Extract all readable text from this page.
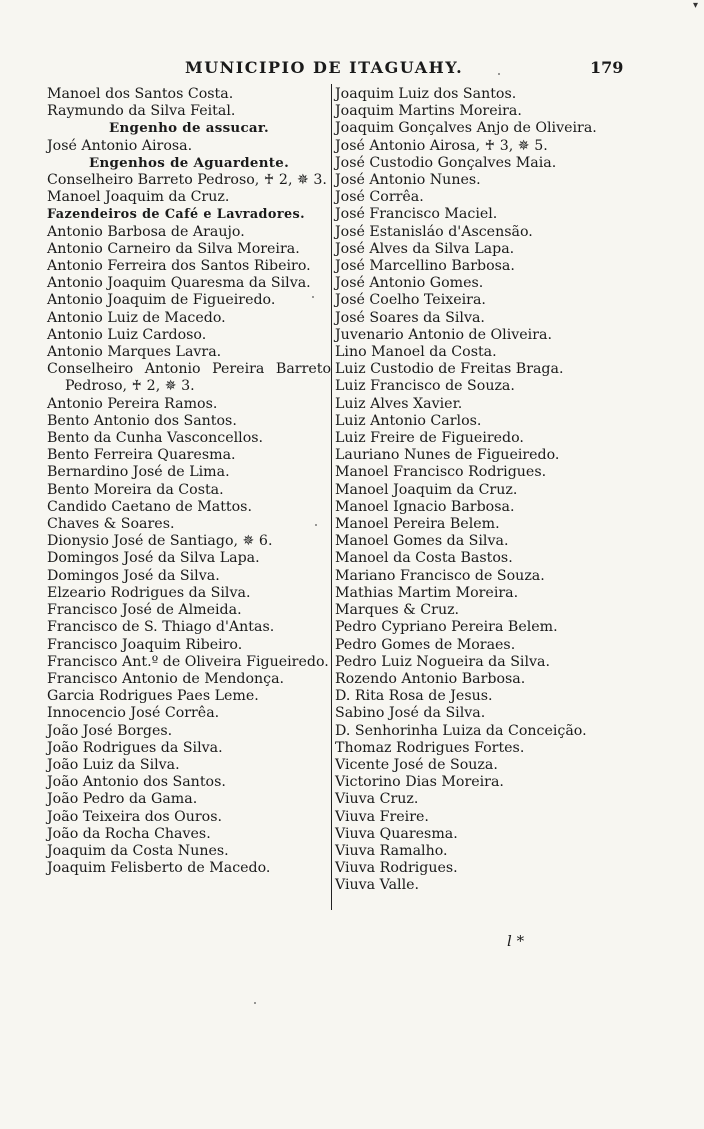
▾
MUNICIPIO DE ITAGUAHY.	179
Manoel dos Santos Costa.
Raymundo da Silva Feital.
Engenho de assucar.
José Antonio Airosa.
Engenhos de Aguardente.
Conselheiro Barreto Pedroso, ♰ 2, ✵ 3.
Manoel Joaquim da Cruz.
Fazendeiros de Café e Lavradores.
Antonio Barbosa de Araujo.
Antonio Carneiro da Silva Moreira.
Antonio Ferreira dos Santos Ribeiro.
Antonio Joaquim Quaresma da Silva.
Antonio Joaquim de Figueiredo.
Antonio Luiz de Macedo.
Antonio Luiz Cardoso.
Antonio Marques Lavra.
Conselheiro Antonio Pereira Barreto
Pedroso, ♰ 2, ✵ 3.
Antonio Pereira Ramos.
Bento Antonio dos Santos.
Bento da Cunha Vasconcellos.
Bento Ferreira Quaresma.
Bernardino José de Lima.
Bento Moreira da Costa.
Candido Caetano de Mattos.
Chaves & Soares.
Dionysio José de Santiago, ✵ 6.
Domingos José da Silva Lapa.
Domingos José da Silva.
Elzeario Rodrigues da Silva.
Francisco José de Almeida.
Francisco de S. Thiago d'Antas.
Francisco Joaquim Ribeiro.
Francisco Ant.º de Oliveira Figueiredo.
Francisco Antonio de Mendonça.
Garcia Rodrigues Paes Leme.
Innocencio José Corrêa.
João José Borges.
João Rodrigues da Silva.
João Luiz da Silva.
João Antonio dos Santos.
João Pedro da Gama.
João Teixeira dos Ouros.
João da Rocha Chaves.
Joaquim da Costa Nunes.
Joaquim Felisberto de Macedo.
Joaquim Luiz dos Santos.
Joaquim Martins Moreira.
Joaquim Gonçalves Anjo de Oliveira.
José Antonio Airosa, ♰ 3, ✵ 5.
José Custodio Gonçalves Maia.
José Antonio Nunes.
José Corrêa.
José Francisco Maciel.
José Estanisláo d'Ascensão.
José Alves da Silva Lapa.
José Marcellino Barbosa.
José Antonio Gomes.
José Coelho Teixeira.
José Soares da Silva.
Juvenario Antonio de Oliveira.
Lino Manoel da Costa.
Luiz Custodio de Freitas Braga.
Luiz Francisco de Souza.
Luiz Alves Xavier.
Luiz Antonio Carlos.
Luiz Freire de Figueiredo.
Lauriano Nunes de Figueiredo.
Manoel Francisco Rodrigues.
Manoel Joaquim da Cruz.
Manoel Ignacio Barbosa.
Manoel Pereira Belem.
Manoel Gomes da Silva.
Manoel da Costa Bastos.
Mariano Francisco de Souza.
Mathias Martim Moreira.
Marques & Cruz.
Pedro Cypriano Pereira Belem.
Pedro Gomes de Moraes.
Pedro Luiz Nogueira da Silva.
Rozendo Antonio Barbosa.
D. Rita Rosa de Jesus.
Sabino José da Silva.
D. Senhorinha Luiza da Conceição.
Thomaz Rodrigues Fortes.
Vicente José de Souza.
Victorino Dias Moreira.
Viuva Cruz.
Viuva Freire.
Viuva Quaresma.
Viuva Ramalho.
Viuva Rodrigues.
Viuva Valle.
l *
